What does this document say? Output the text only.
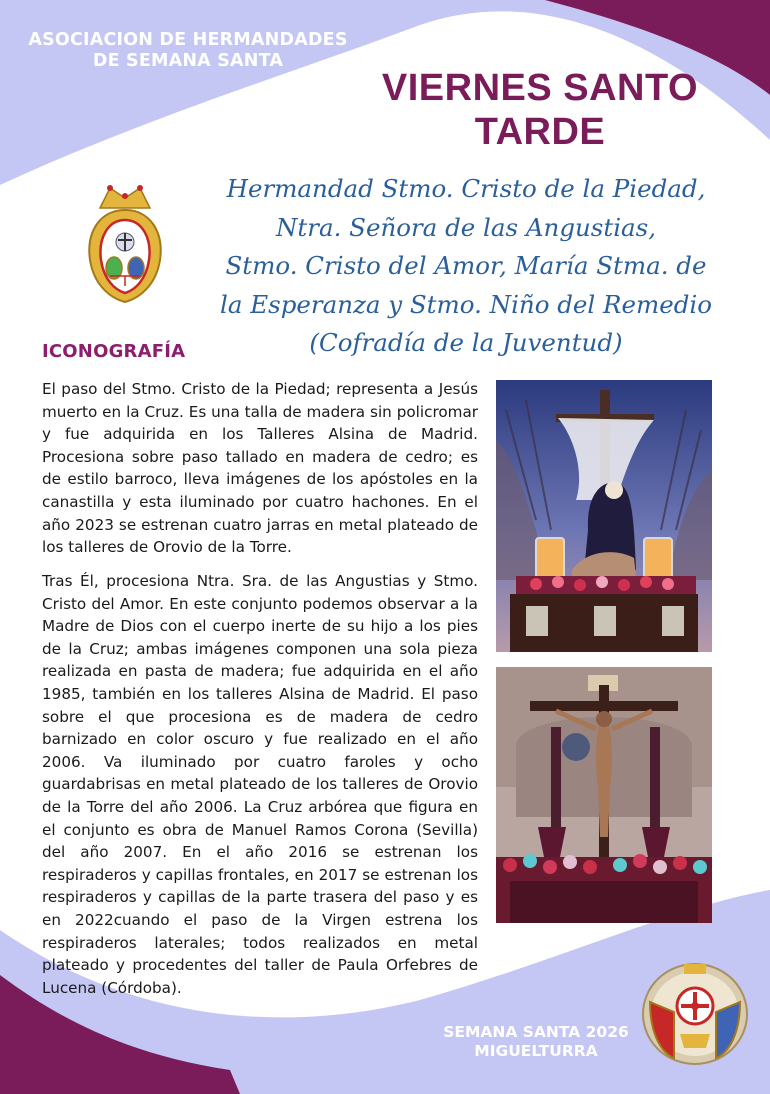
ASOCIACION DE HERMANDADES
DE SEMANA SANTA
VIERNES SANTO
TARDE
Hermandad Stmo. Cristo de la Piedad,
Ntra. Señora de las Angustias,
Stmo. Cristo del Amor, María Stma. de
la Esperanza y Stmo. Niño del Remedio
(Cofradía de la Juventud)
ICONOGRAFÍA

El paso del Stmo. Cristo de la Piedad; representa a Jesús muerto en la Cruz. Es una talla de madera sin policromar y fue adquirida en los Talleres Alsina de Madrid. Procesiona sobre paso tallado en madera de cedro; es de estilo barroco, lleva imágenes de los apóstoles en la canastilla y esta iluminado por cuatro hachones. En el año 2023 se estrenan cuatro jarras en metal plateado de los talleres de Orovio de la Torre.

Tras Él, procesiona Ntra. Sra. de las Angustias y Stmo. Cristo del Amor. En este conjunto podemos observar a la Madre de Dios con el cuerpo inerte de su hijo a los pies de la Cruz; ambas imágenes componen una sola pieza realizada en pasta de madera; fue adquirida en el año 1985, también en los talleres Alsina de Madrid. El paso sobre el que procesiona es de madera de cedro barnizado en color oscuro y fue realizado en el año 2006. Va iluminado por cuatro faroles y ocho guardabrisas en metal plateado de los talleres de Orovio de la Torre del año 2006. La Cruz arbórea que figura en el conjunto es obra de Manuel Ramos Corona (Sevilla) del año 2007. En el año 2016 se estrenan los respiraderos y capillas frontales, en 2017 se estrenan los respiraderos y capillas de la parte trasera del paso y es en 2022cuando el paso de la Virgen estrena los respiraderos laterales; todos realizados en metal plateado y procedentes del taller de Paula Orfebres de Lucena (Córdoba).

SEMANA SANTA 2026
MIGUELTURRA
